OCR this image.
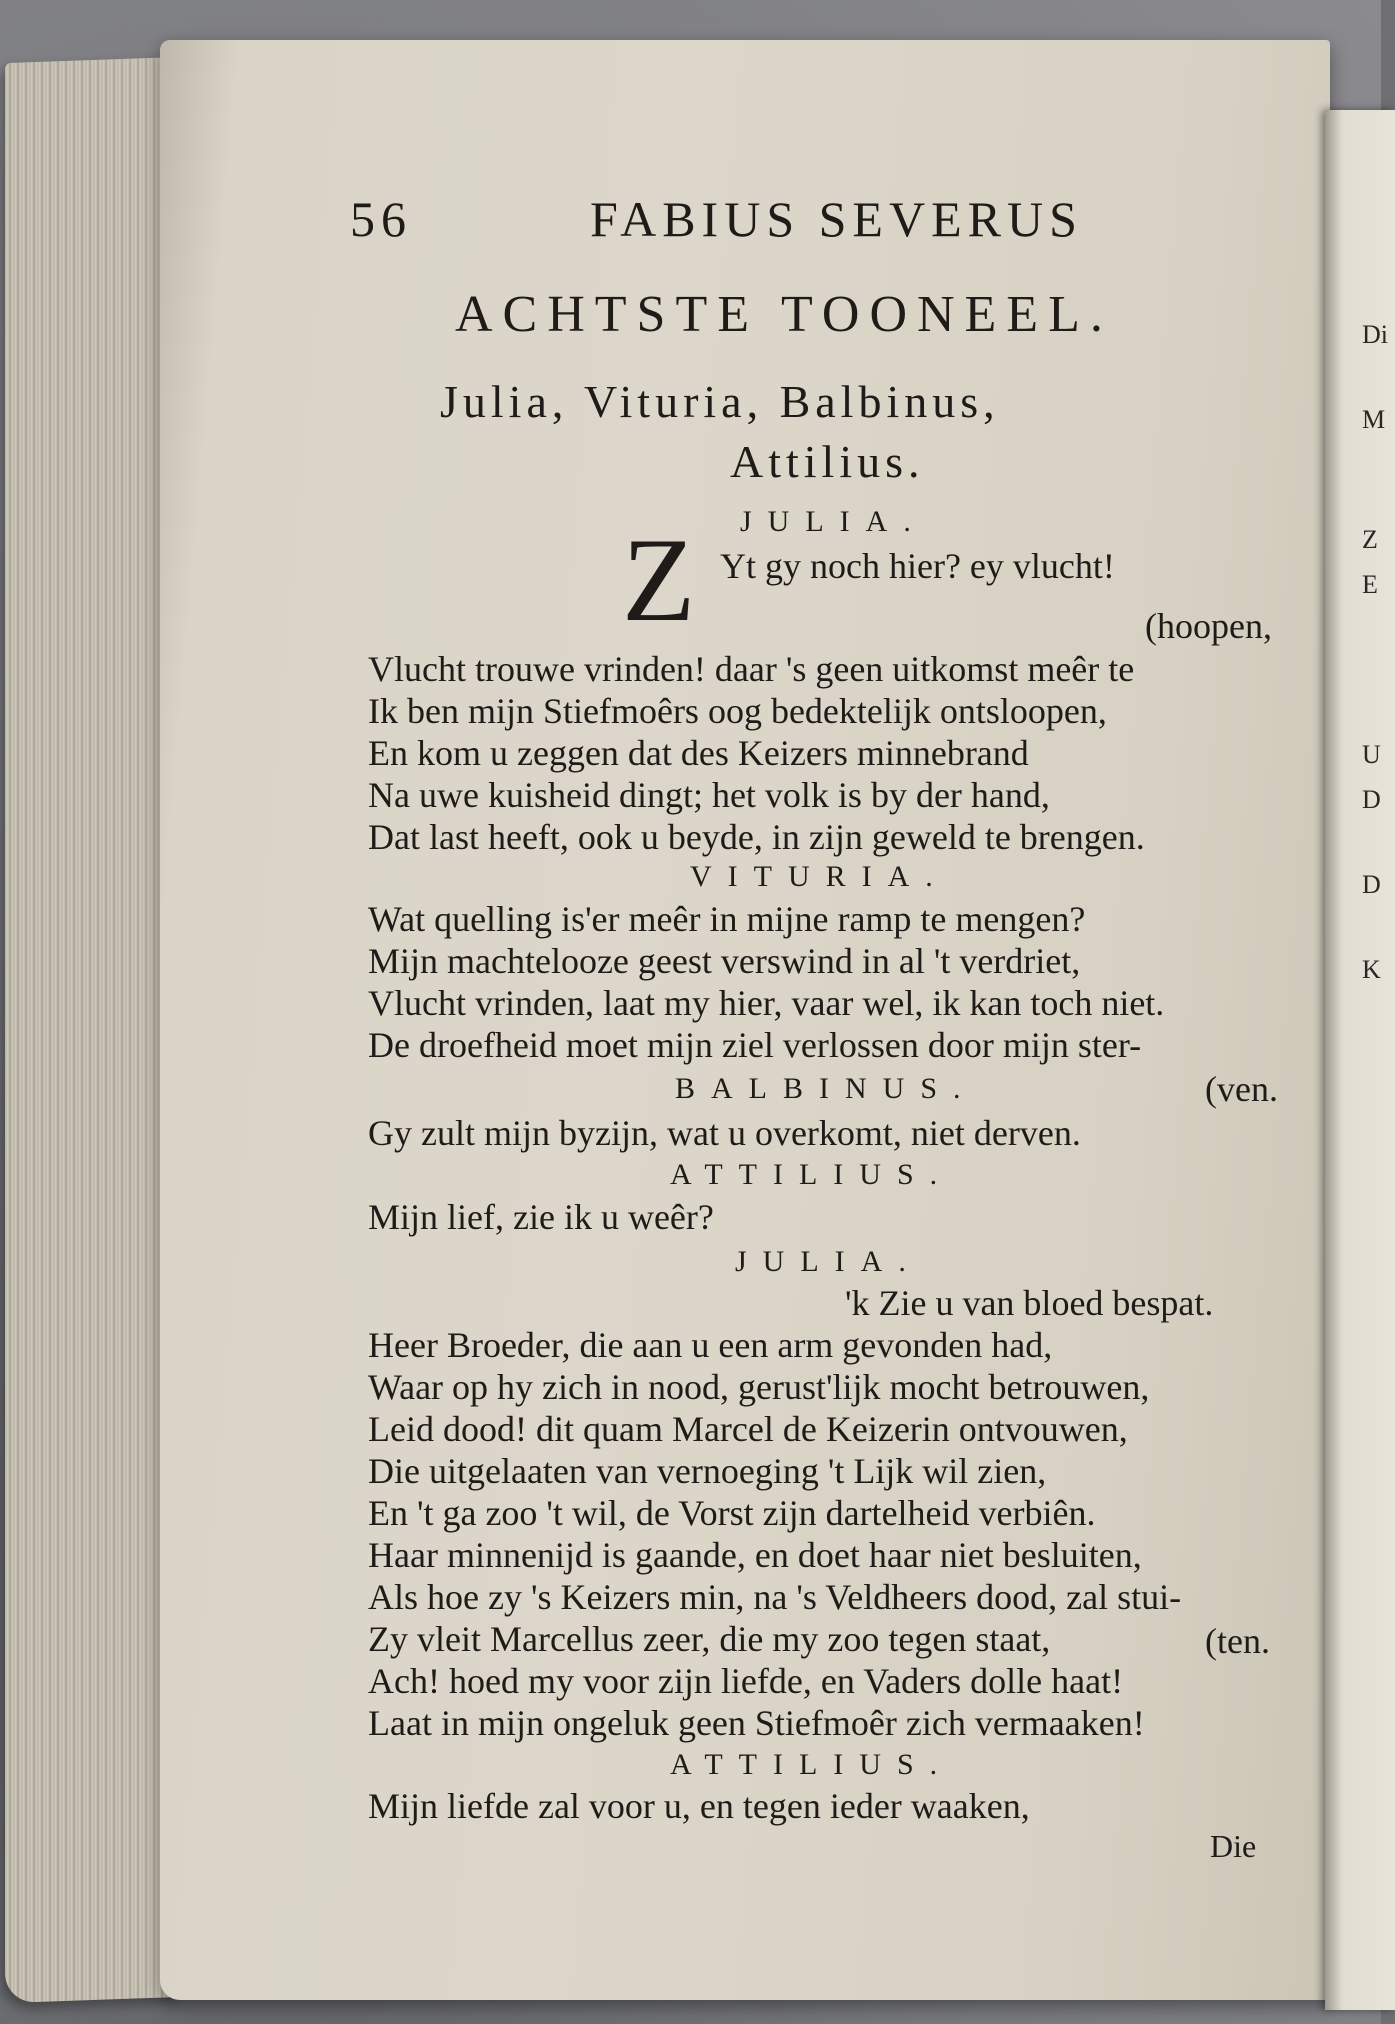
Di
M
Z
E
U
D
D
K
56	FABIUS SEVERUS
ACHTSTE TOONEEL.
Julia, Vituria, Balbinus,
Attilius.
JULIA.
Z Yt gy noch hier? ey vlucht!
(hoopen,
Vlucht trouwe vrinden! daar 's geen uitkomst meêr te
Ik ben mijn Stiefmoêrs oog bedektelijk ontsloopen,
En kom u zeggen dat des Keizers minnebrand
Na uwe kuisheid dingt; het volk is by der hand,
Dat last heeft, ook u beyde, in zijn geweld te brengen.
VITURIA.
Wat quelling is'er meêr in mijne ramp te mengen?
Mijn machtelooze geest verswind in al 't verdriet,
Vlucht vrinden, laat my hier, vaar wel, ik kan toch niet.
De droefheid moet mijn ziel verlossen door mijn ster-
BALBINUS.	(ven.
Gy zult mijn byzijn, wat u overkomt, niet derven.
ATTILIUS.
Mijn lief, zie ik u weêr?
JULIA.
'k Zie u van bloed bespat.
Heer Broeder, die aan u een arm gevonden had,
Waar op hy zich in nood, gerust'lijk mocht betrouwen,
Leid dood! dit quam Marcel de Keizerin ontvouwen,
Die uitgelaaten van vernoeging 't Lijk wil zien,
En 't ga zoo 't wil, de Vorst zijn dartelheid verbiên.
Haar minnenijd is gaande, en doet haar niet besluiten,
Als hoe zy 's Keizers min, na 's Veldheers dood, zal stui-
Zy vleit Marcellus zeer, die my zoo tegen staat,	(ten.
Ach! hoed my voor zijn liefde, en Vaders dolle haat!
Laat in mijn ongeluk geen Stiefmoêr zich vermaaken!
ATTILIUS.
Mijn liefde zal voor u, en tegen ieder waaken,
Die
